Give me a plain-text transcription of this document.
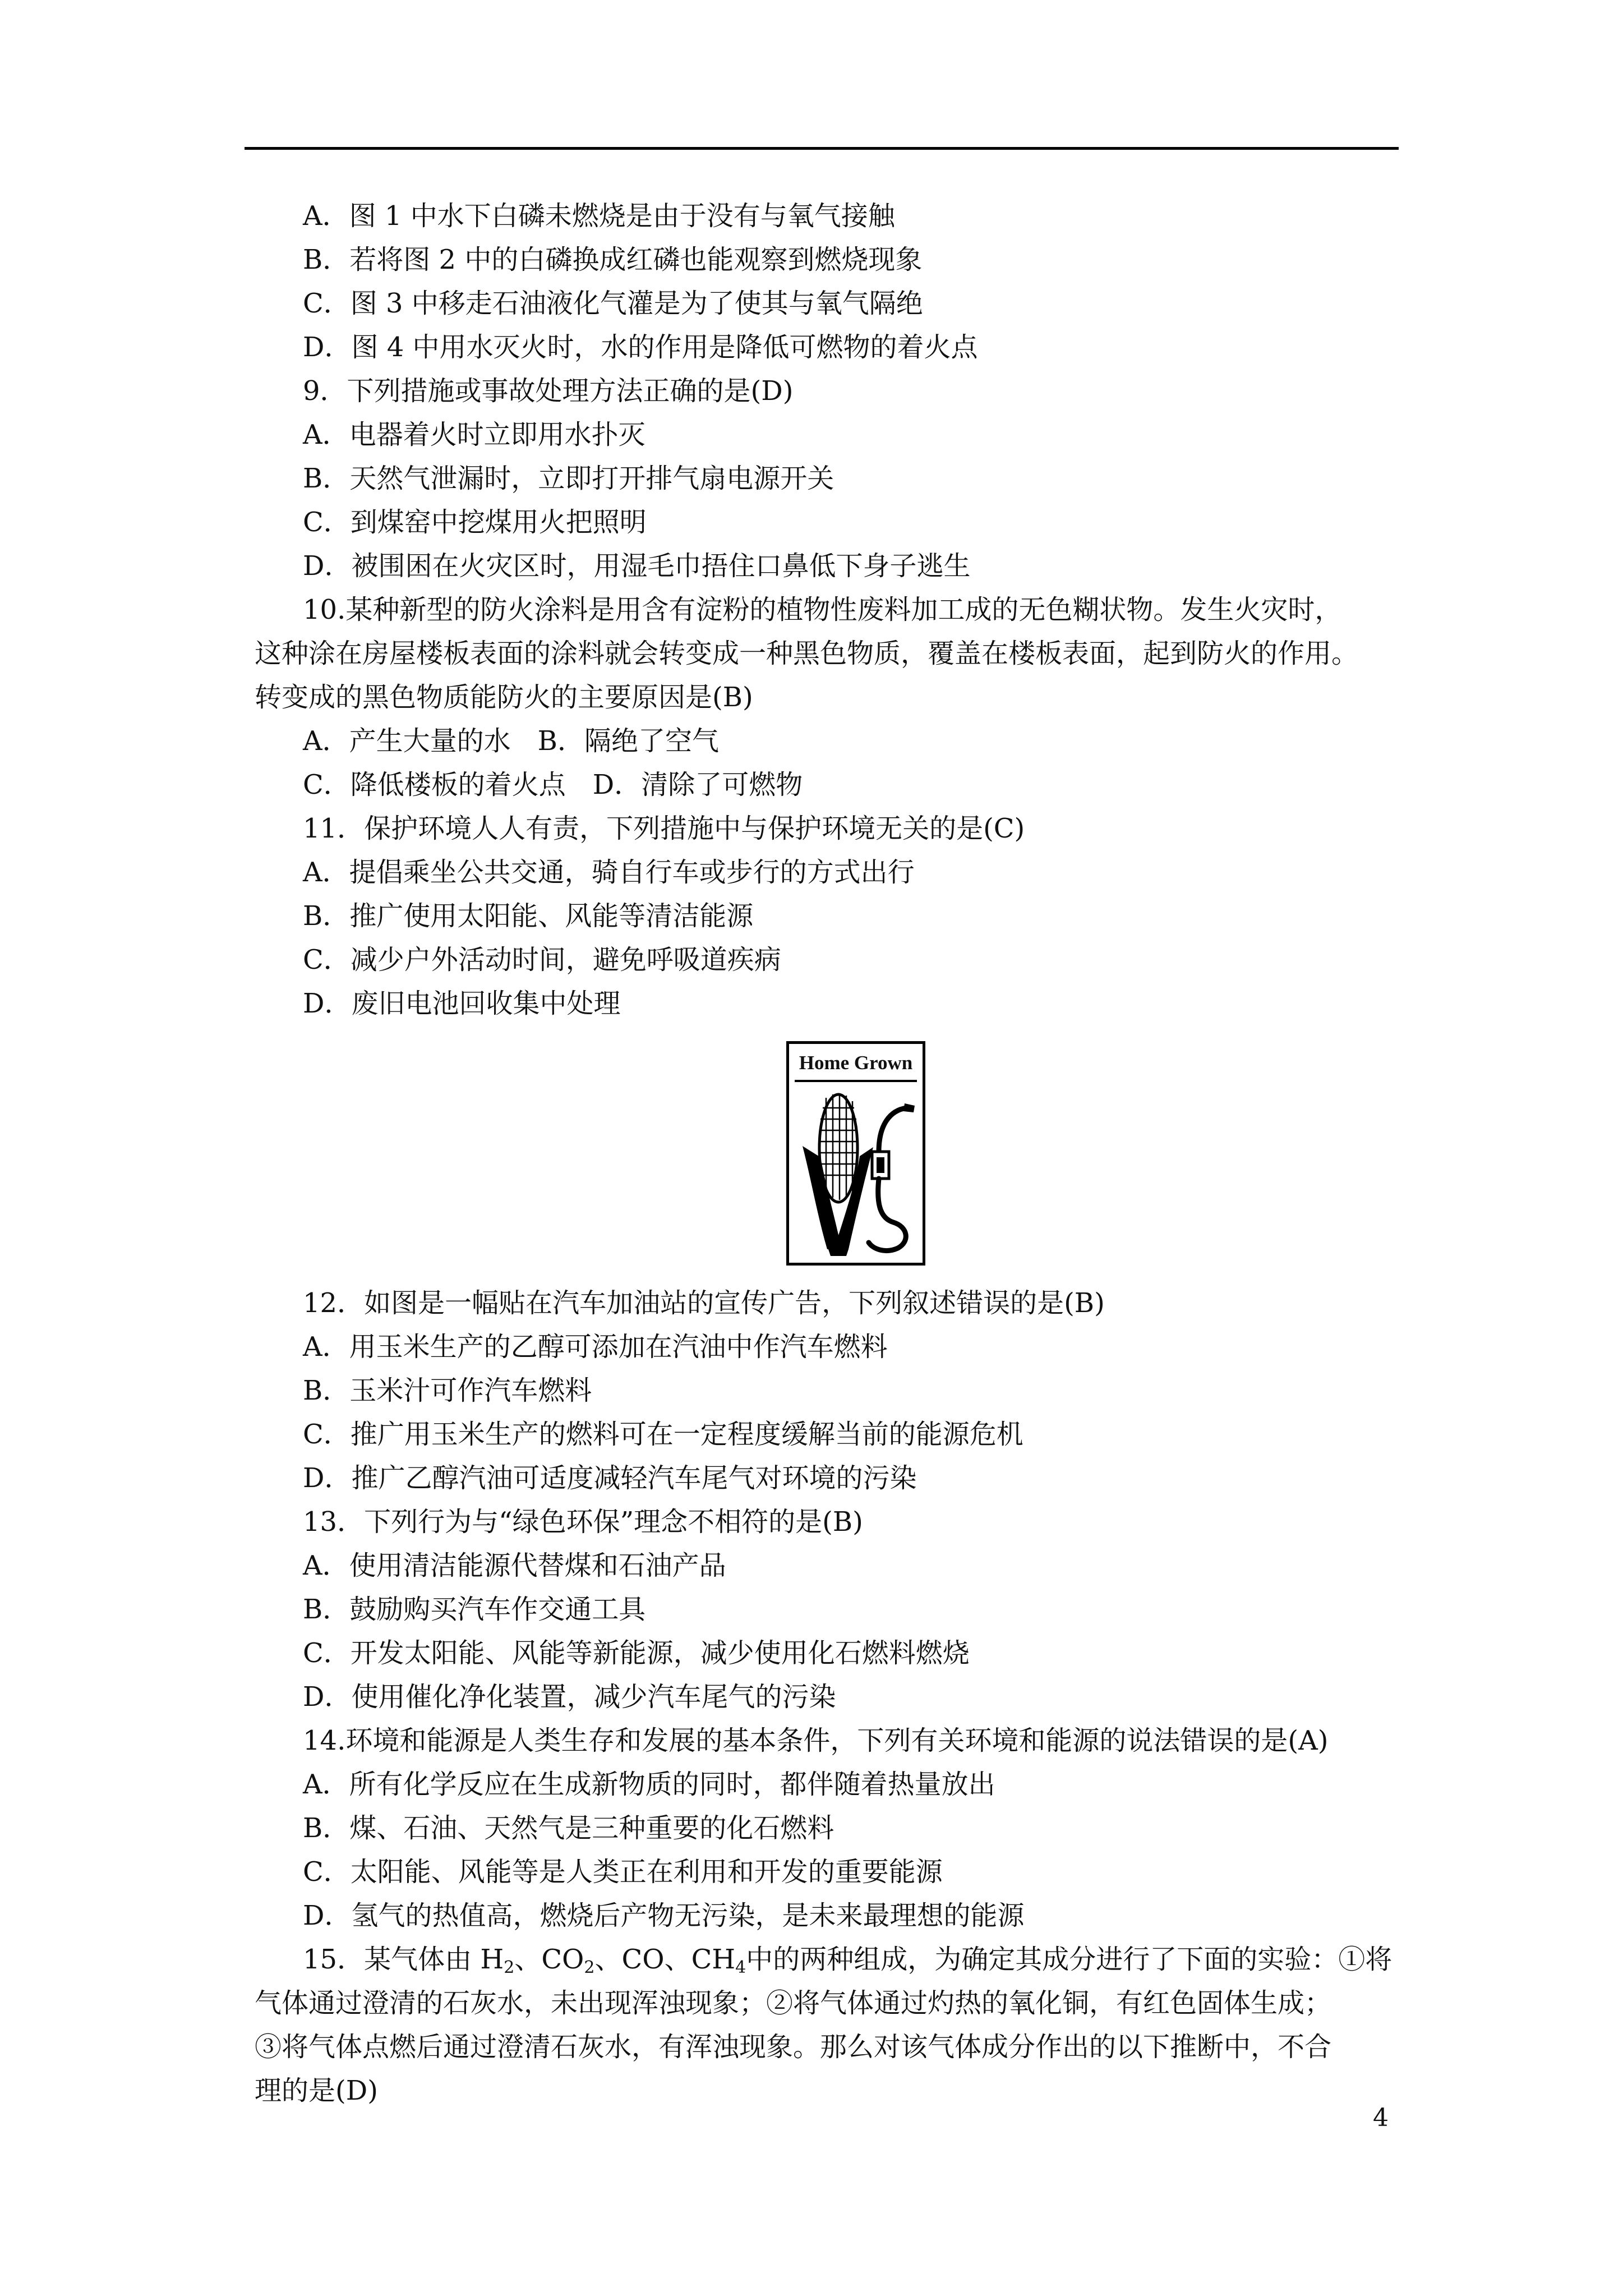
A．图 1 中水下白磷未燃烧是由于没有与氧气接触
B．若将图 2 中的白磷换成红磷也能观察到燃烧现象
C．图 3 中移走石油液化气灌是为了使其与氧气隔绝
D．图 4 中用水灭火时，水的作用是降低可燃物的着火点
9．下列措施或事故处理方法正确的是(D)
A．电器着火时立即用水扑灭
B．天然气泄漏时，立即打开排气扇电源开关
C．到煤窑中挖煤用火把照明
D．被围困在火灾区时，用湿毛巾捂住口鼻低下身子逃生
10.某种新型的防火涂料是用含有淀粉的植物性废料加工成的无色糊状物。发生火灾时，
这种涂在房屋楼板表面的涂料就会转变成一种黑色物质，覆盖在楼板表面，起到防火的作用。
转变成的黑色物质能防火的主要原因是(B)
A．产生大量的水　B．隔绝了空气
C．降低楼板的着火点　D．清除了可燃物
11．保护环境人人有责，下列措施中与保护环境无关的是(C)
A．提倡乘坐公共交通，骑自行车或步行的方式出行
B．推广使用太阳能、风能等清洁能源
C．减少户外活动时间，避免呼吸道疾病
D．废旧电池回收集中处理
Home Grown
12．如图是一幅贴在汽车加油站的宣传广告，下列叙述错误的是(B)
A．用玉米生产的乙醇可添加在汽油中作汽车燃料
B．玉米汁可作汽车燃料
C．推广用玉米生产的燃料可在一定程度缓解当前的能源危机
D．推广乙醇汽油可适度减轻汽车尾气对环境的污染
13．下列行为与“绿色环保”理念不相符的是(B)
A．使用清洁能源代替煤和石油产品
B．鼓励购买汽车作交通工具
C．开发太阳能、风能等新能源，减少使用化石燃料燃烧
D．使用催化净化装置，减少汽车尾气的污染
14.环境和能源是人类生存和发展的基本条件，下列有关环境和能源的说法错误的是(A)
A．所有化学反应在生成新物质的同时，都伴随着热量放出
B．煤、石油、天然气是三种重要的化石燃料
C．太阳能、风能等是人类正在利用和开发的重要能源
D．氢气的热值高，燃烧后产物无污染，是未来最理想的能源
15．某气体由 $H_2$、$CO_2$、CO、$CH_4$中的两种组成，为确定其成分进行了下面的实验：①将
气体通过澄清的石灰水，未出现浑浊现象；②将气体通过灼热的氧化铜，有红色固体生成；
③将气体点燃后通过澄清石灰水，有浑浊现象。那么对该气体成分作出的以下推断中，不合
理的是(D)
4
